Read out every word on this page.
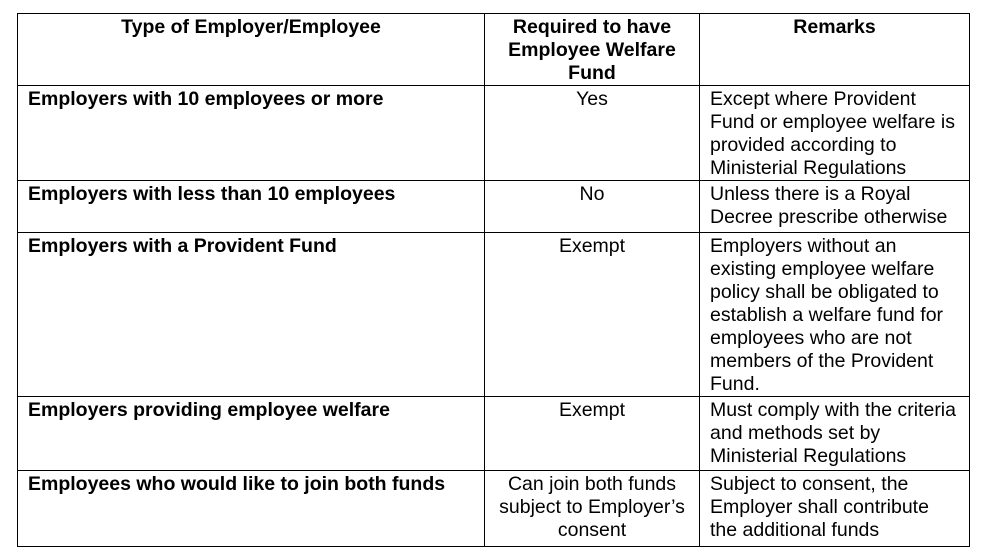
Type of Employer/Employee	Required to have Employee Welfare Fund	Remarks
Employers with 10 employees or more	Yes	Except where Provident Fund or employee welfare is provided according to Ministerial Regulations
Employers with less than 10 employees	No	Unless there is a Royal Decree prescribe otherwise
Employers with a Provident Fund	Exempt	Employers without an existing employee welfare policy shall be obligated to establish a welfare fund for employees who are not members of the Provident Fund.
Employers providing employee welfare	Exempt	Must comply with the criteria and methods set by Ministerial Regulations
Employees who would like to join both funds	Can join both funds subject to Employer’s consent	Subject to consent, the Employer shall contribute the additional funds
